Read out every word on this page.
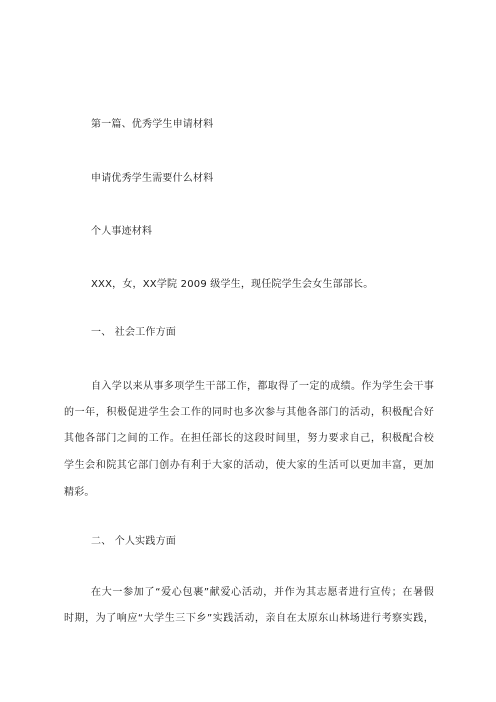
第一篇、优秀学生申请材料
申请优秀学生需要什么材料
个人事迹材料
XXX，女，XX学院 2009 级学生，现任院学生会女生部部长。
一、 社会工作方面
自入学以来从事多项学生干部工作，都取得了一定的成绩。作为学生会干事
的一年，积极促进学生会工作的同时也多次参与其他各部门的活动，积极配合好
其他各部门之间的工作。在担任部长的这段时间里，努力要求自己，积极配合校
学生会和院其它部门创办有利于大家的活动，使大家的生活可以更加丰富，更加
精彩。
二、 个人实践方面
在大一参加了“爱心包裹”献爱心活动，并作为其志愿者进行宣传；在暑假
时期，为了响应“大学生三下乡”实践活动，亲自在太原东山林场进行考察实践，
